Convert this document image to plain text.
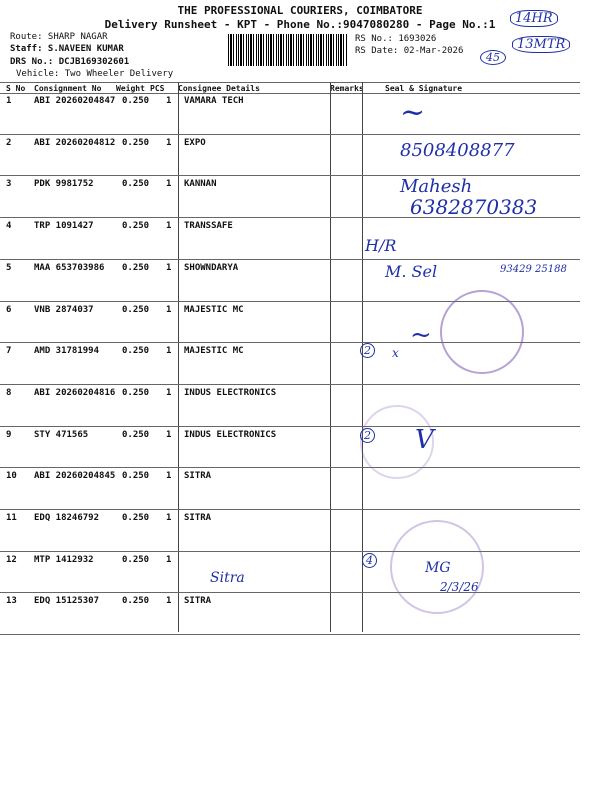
THE PROFESSIONAL COURIERS, COIMBATORE
Delivery Runsheet - KPT - Phone No.:9047080280 - Page No.:1
Route: SHARP NAGAR
Staff: S.NAVEEN KUMAR
DRS No.: DCJB169302601
Vehicle: Two Wheeler Delivery
RS No.: 1693026
RS Date: 02-Mar-2026
14HR
13MTR
45
S No Consignment No Weight PCS Consignee Details	Remarks	Seal & Signature
1	ABI 20260204847 0.250 1 VAMARA TECH
2	ABI 20260204812 0.250 1 EXPO
3	PDK 9981752	0.250 1 KANNAN
4	TRP 1091427	0.250 1 TRANSSAFE
5	MAA 653703986 0.250 1 SHOWNDARYA
6	VNB 2874037	0.250 1 MAJESTIC MC
7	AMD 31781994	0.250 1 MAJESTIC MC
8	ABI 20260204816 0.250 1 INDUS ELECTRONICS
9	STY 471565	0.250 1 INDUS ELECTRONICS
10 ABI 20260204845 0.250 1 SITRA
11 EDQ 18246792	0.250 1 SITRA
12 MTP 1412932	0.250 1
13 EDQ 15125307	0.250 1 SITRA
~
8508408877
Mahesh
6382870383
H/R
M. Sel	93429 25188
2
2
4
x
~
V
Sitra
MG
2/3/26
